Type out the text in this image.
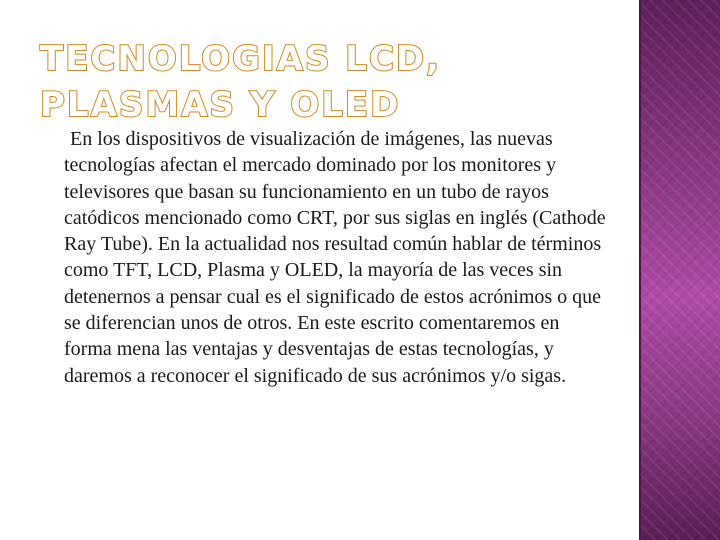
TECNOLOGIAS LCD, PLASMAS Y OLED

En los dispositivos de visualización de imágenes, las nuevas tecnologías afectan el mercado dominado por los monitores y televisores que basan su funcionamiento en un tubo de rayos catódicos mencionado como CRT, por sus siglas en inglés (Cathode Ray Tube). En la actualidad nos resultad común hablar de términos como TFT, LCD, Plasma y OLED, la mayoría de las veces sin detenernos a pensar cual es el significado de estos acrónimos o que se diferencian unos de otros. En este escrito comentaremos en forma mena las ventajas y desventajas de estas tecnologías, y daremos a reconocer el significado de sus acrónimos y/o sigas.
